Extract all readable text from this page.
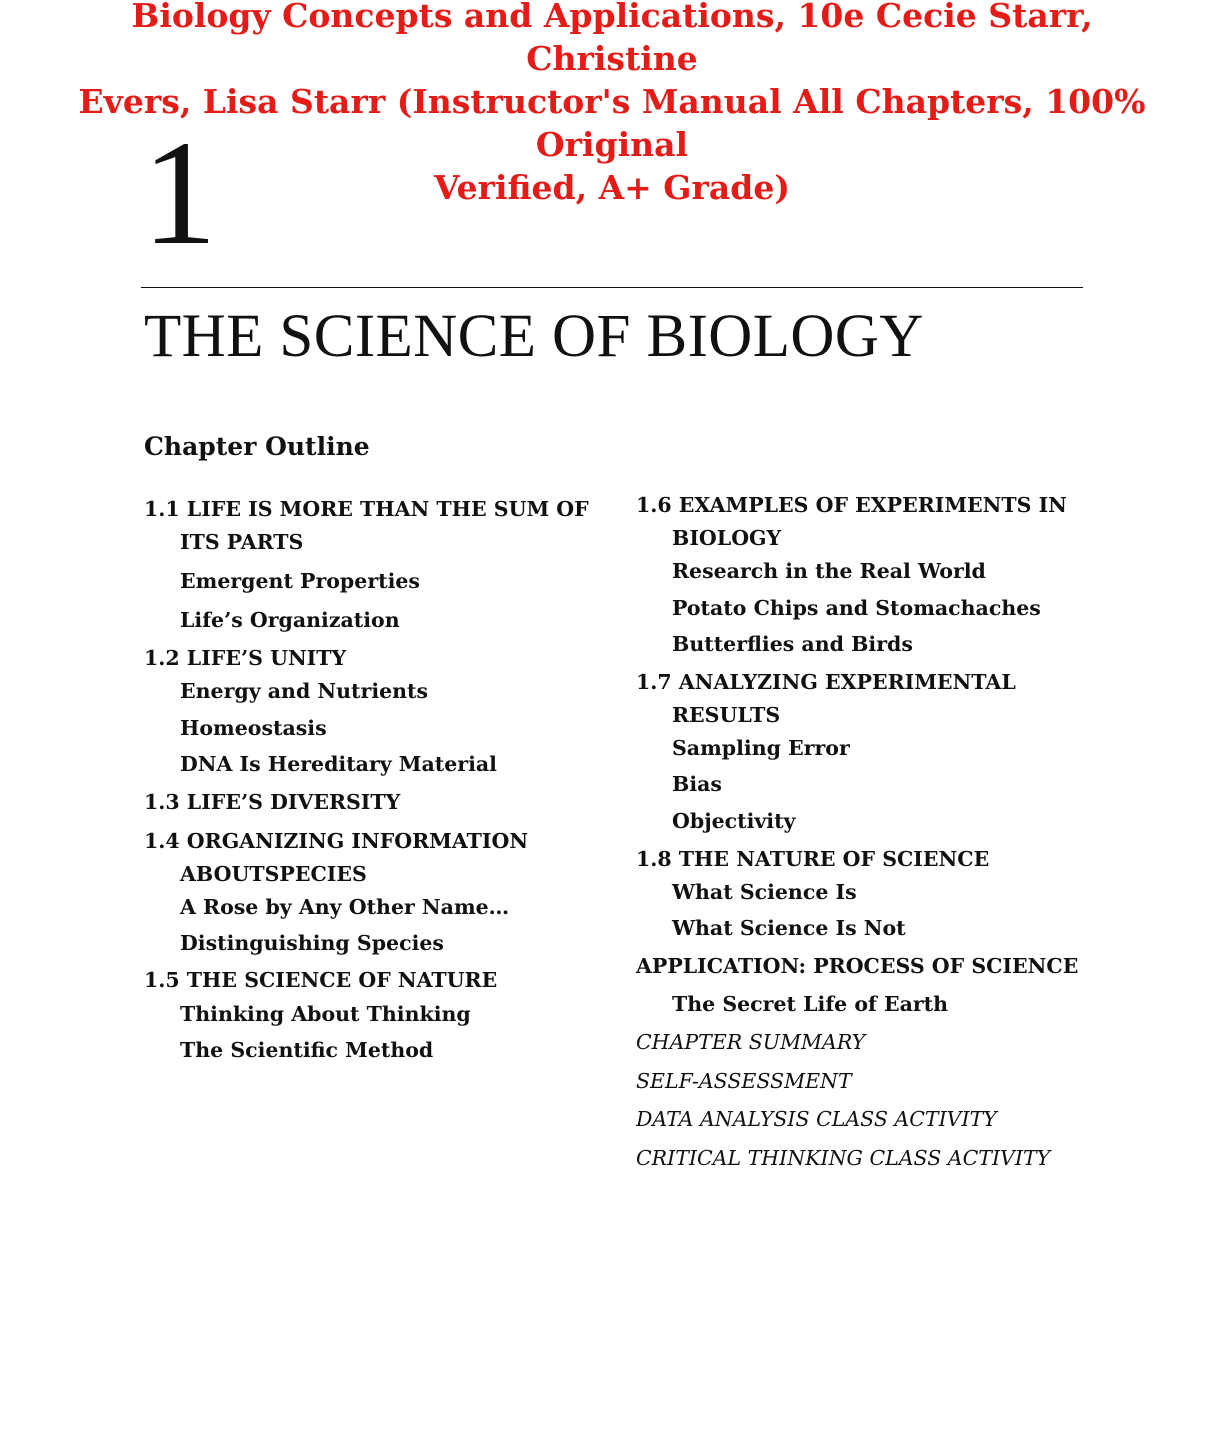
Biology Concepts and Applications, 10e Cecie Starr, Christine
Evers, Lisa Starr (Instructor's Manual All Chapters, 100% Original
Verified, A+ Grade)
1
THE SCIENCE OF BIOLOGY
Chapter Outline
1.1 LIFE IS MORE THAN THE SUM OF ITS PARTS
Emergent Properties
Life’s Organization
1.2 LIFE’S UNITY
Energy and Nutrients
Homeostasis
DNA Is Hereditary Material
1.3 LIFE’S DIVERSITY
1.4 ORGANIZING INFORMATION ABOUTSPECIES
A Rose by Any Other Name…
Distinguishing Species
1.5 THE SCIENCE OF NATURE
Thinking About Thinking
The Scientific Method
1.6 EXAMPLES OF EXPERIMENTS IN BIOLOGY
Research in the Real World
Potato Chips and Stomachaches
Butterflies and Birds
1.7 ANALYZING EXPERIMENTAL RESULTS
Sampling Error
Bias
Objectivity
1.8 THE NATURE OF SCIENCE
What Science Is
What Science Is Not
APPLICATION: PROCESS OF SCIENCE
The Secret Life of Earth
CHAPTER SUMMARY
SELF-ASSESSMENT
DATA ANALYSIS CLASS ACTIVITY
CRITICAL THINKING CLASS ACTIVITY
